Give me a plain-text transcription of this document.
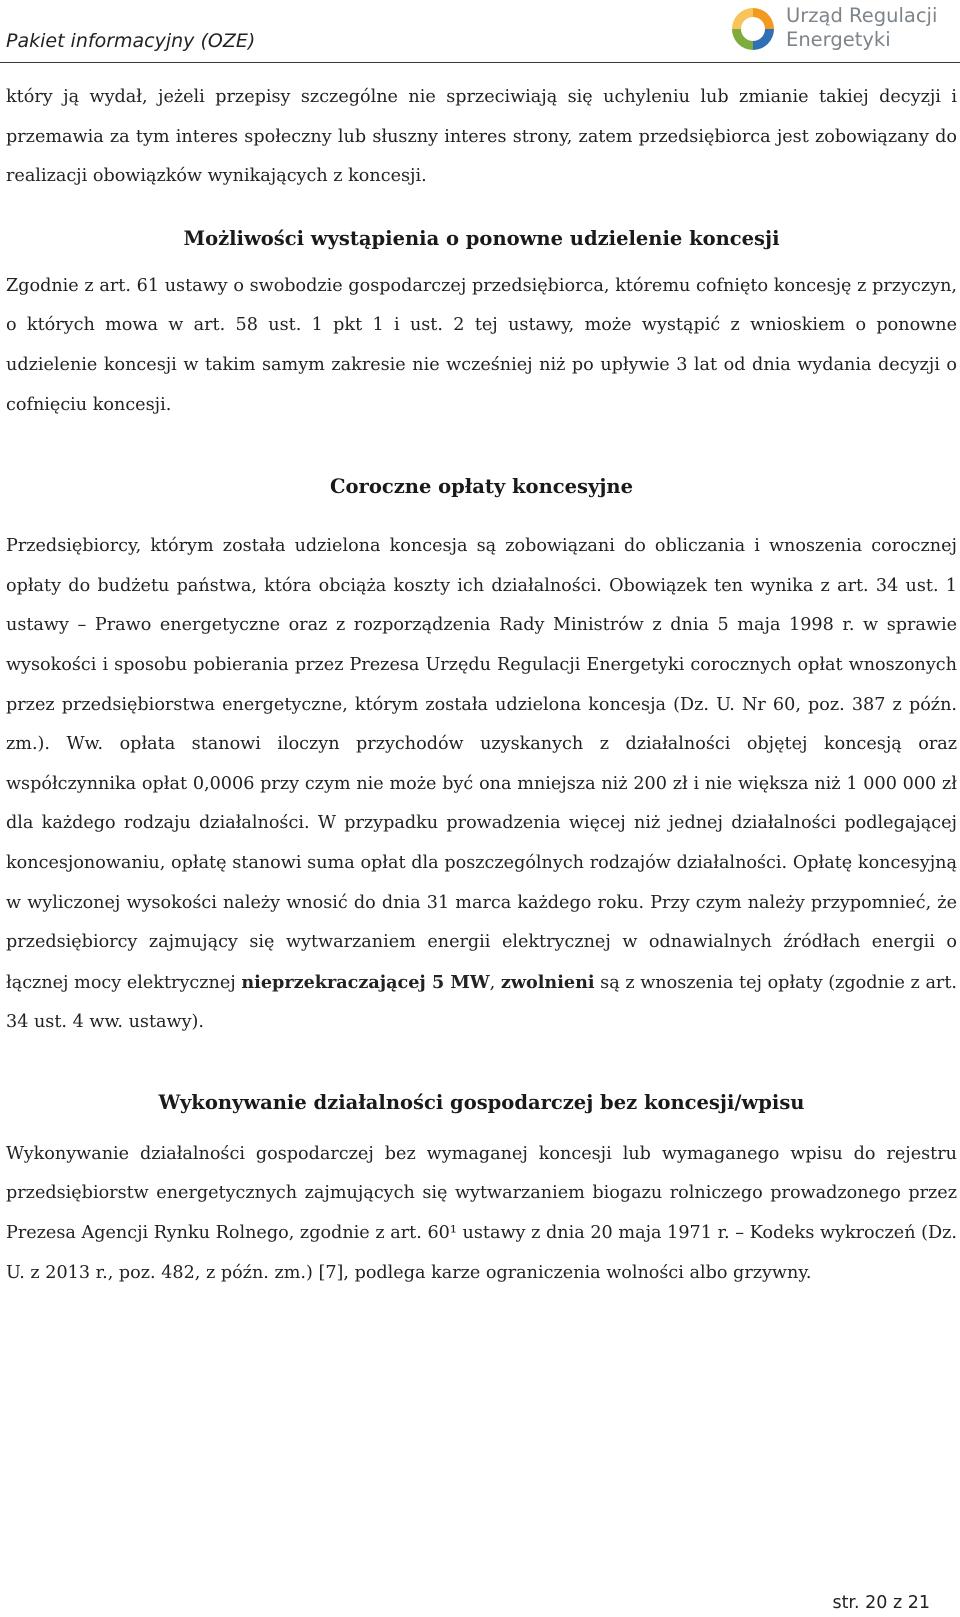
Pakiet informacyjny (OZE)
Urząd Regulacji
Energetyki

który ją wydał, jeżeli przepisy szczególne nie sprzeciwiają się uchyleniu lub zmianie takiej decyzji i przemawia za tym interes społeczny lub słuszny interes strony, zatem przedsiębiorca jest zobowiązany do realizacji obowiązków wynikających z koncesji.

Możliwości wystąpienia o ponowne udzielenie koncesji

Zgodnie z art. 61 ustawy o swobodzie gospodarczej przedsiębiorca, któremu cofnięto koncesję z przyczyn, o których mowa w art. 58 ust. 1 pkt 1 i ust. 2 tej ustawy, może wystąpić z wnioskiem o ponowne udzielenie koncesji w takim samym zakresie nie wcześniej niż po upływie 3 lat od dnia wydania decyzji o cofnięciu koncesji.

Coroczne opłaty koncesyjne

Przedsiębiorcy, którym została udzielona koncesja są zobowiązani do obliczania i wnoszenia corocznej opłaty do budżetu państwa, która obciąża koszty ich działalności. Obowiązek ten wynika z art. 34 ust. 1 ustawy – Prawo energetyczne oraz z rozporządzenia Rady Ministrów z dnia 5 maja 1998 r. w sprawie wysokości i sposobu pobierania przez Prezesa Urzędu Regulacji Energetyki corocznych opłat wnoszonych przez przedsiębiorstwa energetyczne, którym została udzielona koncesja (Dz. U. Nr 60, poz. 387 z późn. zm.). Ww. opłata stanowi iloczyn przychodów uzyskanych z działalności objętej koncesją oraz współczynnika opłat 0,0006 przy czym nie może być ona mniejsza niż 200 zł i nie większa niż 1 000 000 zł dla każdego rodzaju działalności. W przypadku prowadzenia więcej niż jednej działalności podlegającej koncesjonowaniu, opłatę stanowi suma opłat dla poszczególnych rodzajów działalności. Opłatę koncesyjną w wyliczonej wysokości należy wnosić do dnia 31 marca każdego roku. Przy czym należy przypomnieć, że przedsiębiorcy zajmujący się wytwarzaniem energii elektrycznej w odnawialnych źródłach energii o łącznej mocy elektrycznej nieprzekraczającej 5 MW, zwolnieni są z wnoszenia tej opłaty (zgodnie z art. 34 ust. 4 ww. ustawy).

Wykonywanie działalności gospodarczej bez koncesji/wpisu

Wykonywanie działalności gospodarczej bez wymaganej koncesji lub wymaganego wpisu do rejestru przedsiębiorstw energetycznych zajmujących się wytwarzaniem biogazu rolniczego prowadzonego przez Prezesa Agencji Rynku Rolnego, zgodnie z art. 60¹ ustawy z dnia 20 maja 1971 r. – Kodeks wykroczeń (Dz. U. z 2013 r., poz. 482, z późn. zm.) [7], podlega karze ograniczenia wolności albo grzywny.

str. 20 z 21
